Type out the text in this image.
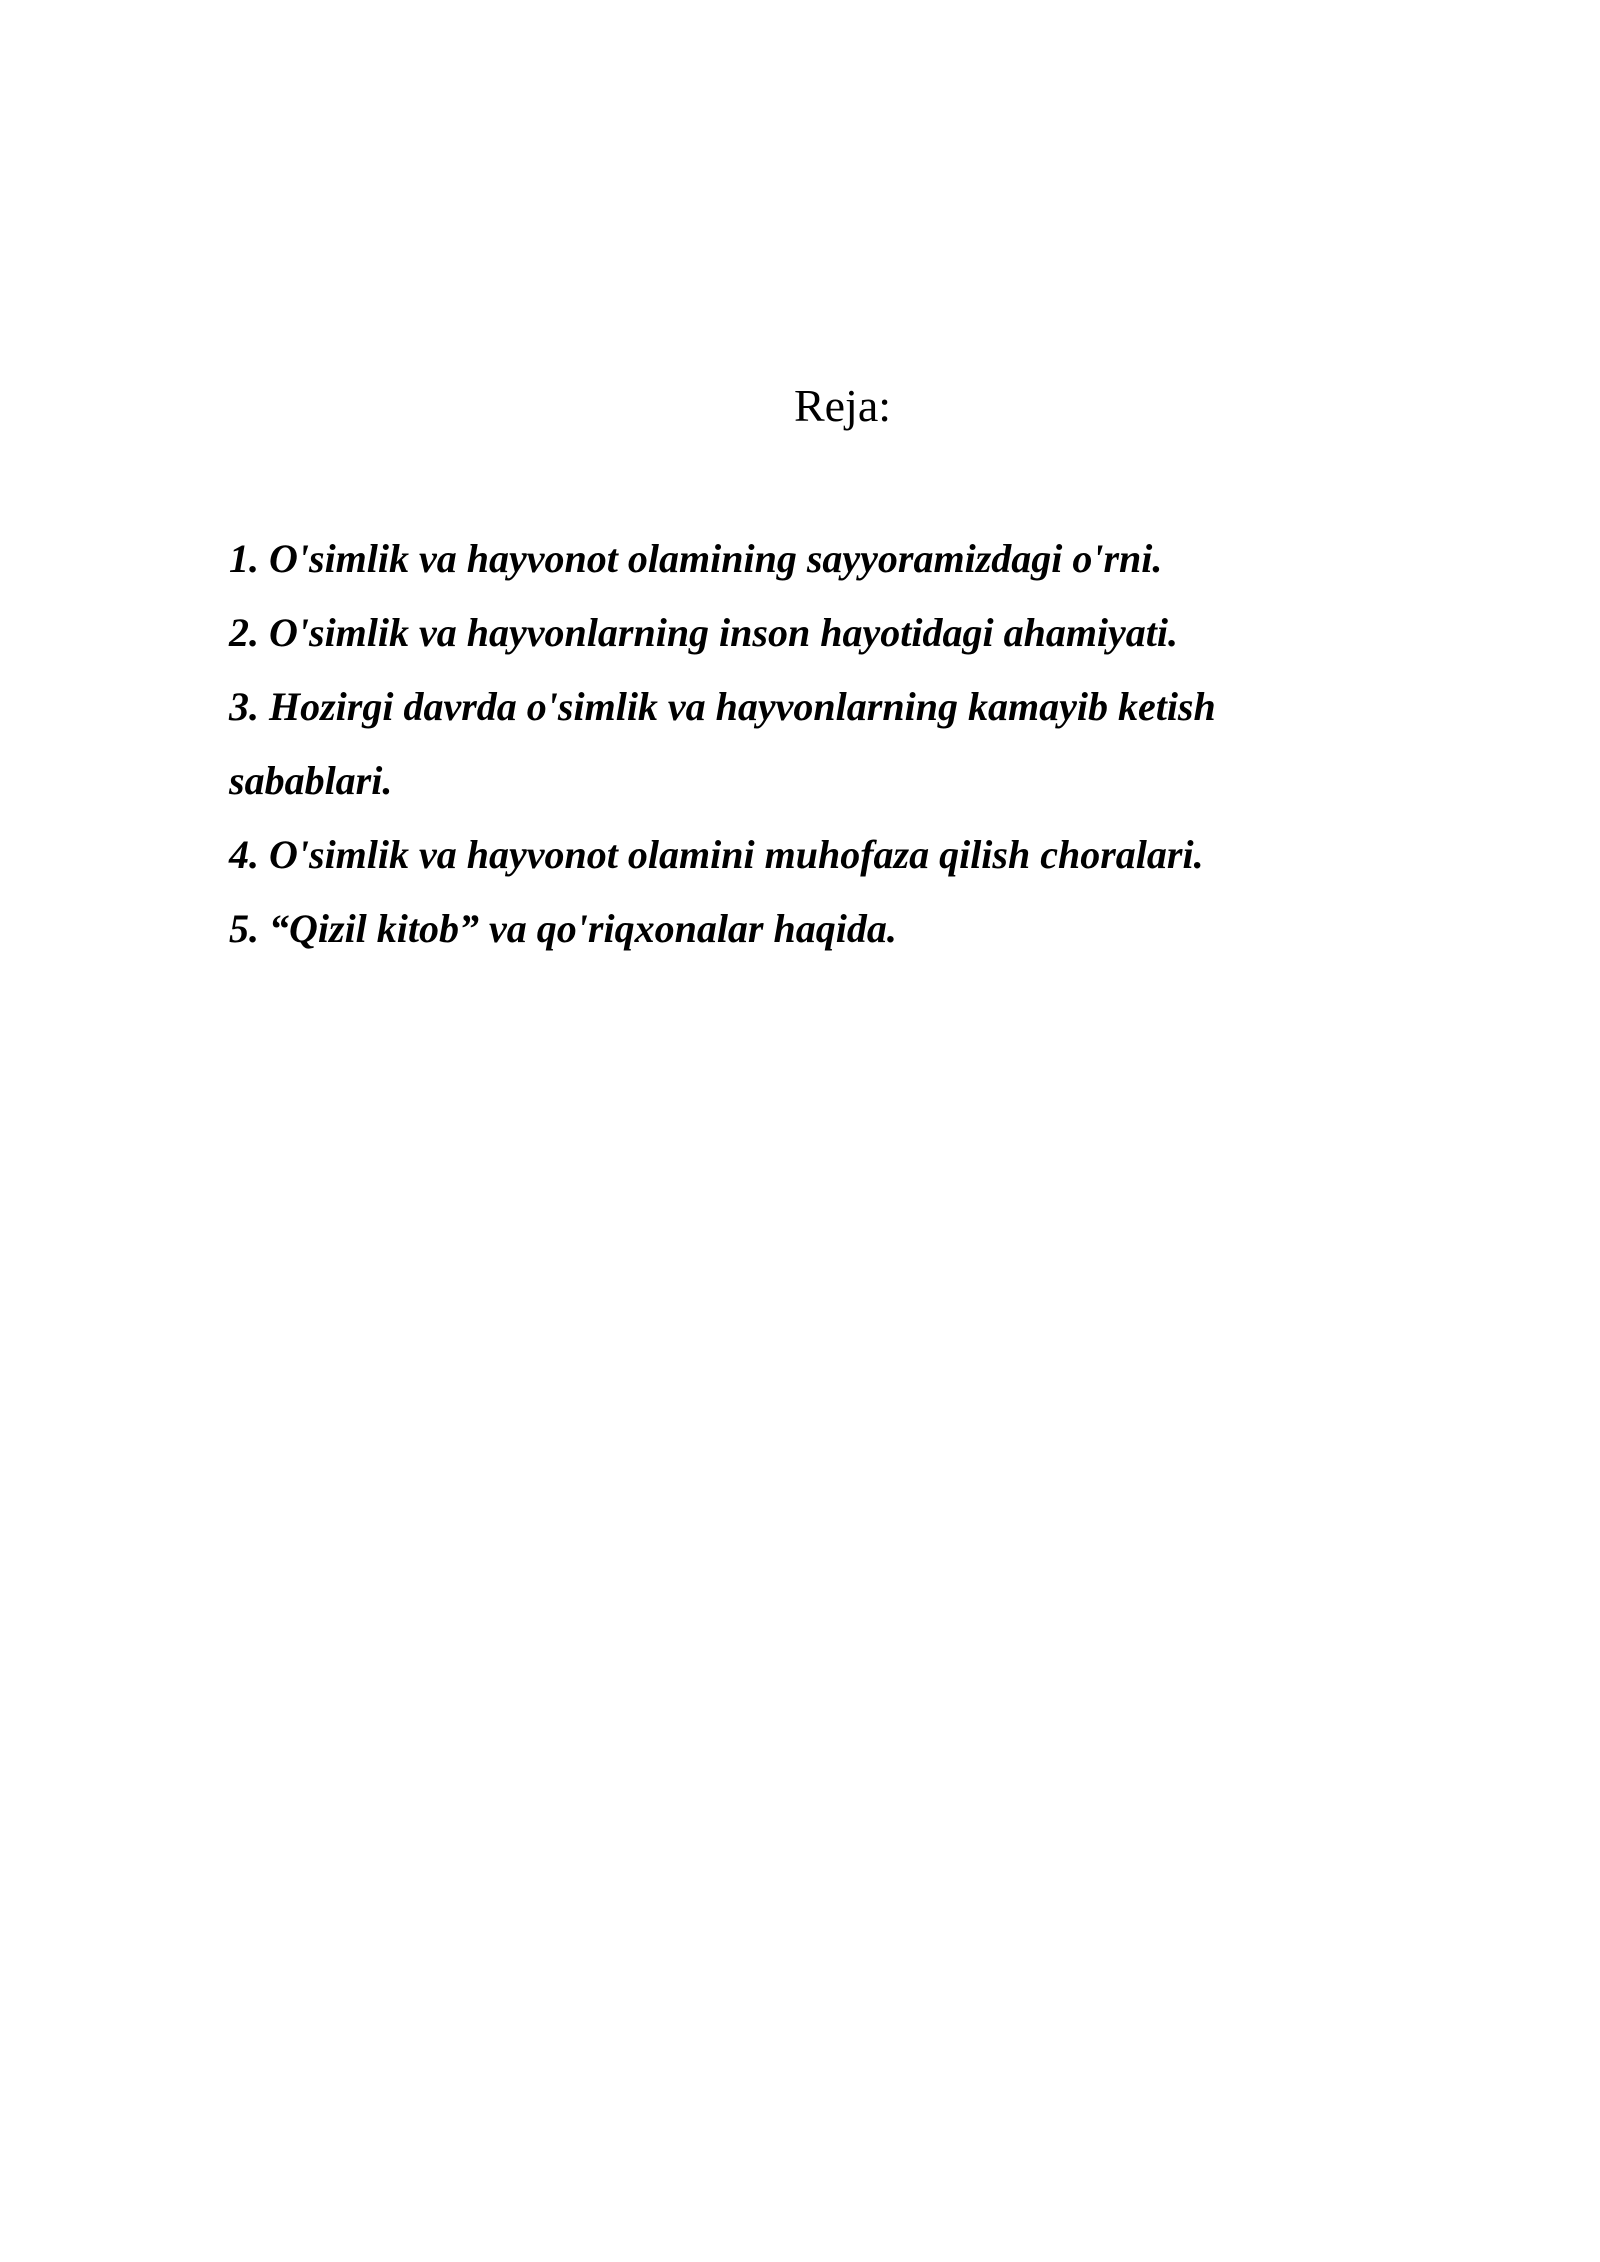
Reja:
1. O'simlik va hayvonot olamining sayyoramizdagi o'rni.
2. O'simlik va hayvonlarning inson hayotidagi ahamiyati.
3. Hozirgi davrda o'simlik va hayvonlarning kamayib ketish sabablari.
4. O'simlik va hayvonot olamini muhofaza qilish choralari.
5. “Qizil kitob” va qo'riqxonalar haqida.
